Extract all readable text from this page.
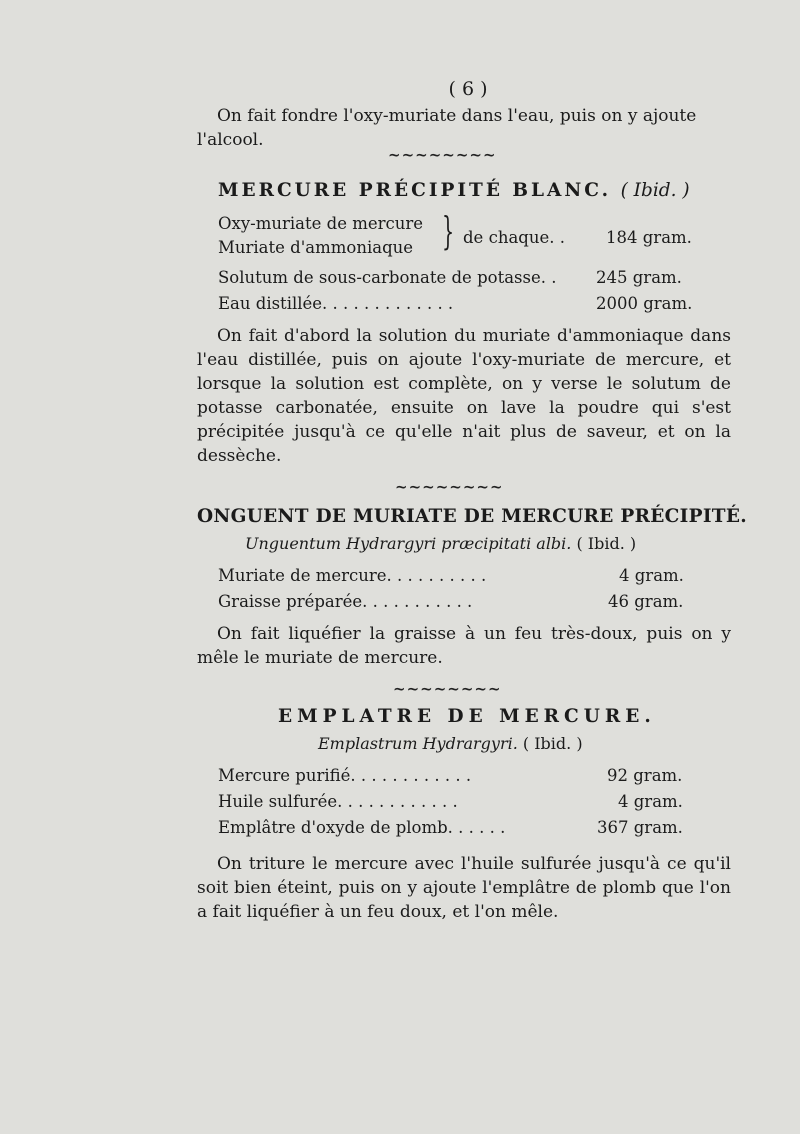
( 6 )
On fait fondre l'oxy-muriate dans l'eau, puis on y ajoute
l'alcool.
~~~~~~~~
MERCURE PRÉCIPITÉ BLANC. ( Ibid. )
Oxy-muriate de mercure
Muriate d'ammoniaque } de chaque. . 184 gram.
Solutum de sous-carbonate de potasse. . 245 gram.
Eau distillée. . . . . . . . . . . . .	2000 gram.
On fait d'abord la solution du muriate d'ammoniaque dans l'eau distillée, puis on ajoute l'oxy-muriate de mercure, et lorsque la solution est complète, on y verse le solutum de potasse carbonatée, ensuite on lave la poudre qui s'est précipitée jusqu'à ce qu'elle n'ait plus de saveur, et on la dessèche.
~~~~~~~~
ONGUENT DE MURIATE DE MERCURE PRÉCIPITÉ.
Unguentum Hydrargyri præcipitati albi. ( Ibid. )
Muriate de mercure. . . . . . . . . .	4 gram.
Graisse préparée. . . . . . . . . . .	46 gram.
On fait liquéfier la graisse à un feu très-doux, puis on y mêle le muriate de mercure.
~~~~~~~~
EMPLATRE DE MERCURE.
Emplastrum Hydrargyri. ( Ibid. )
Mercure purifié. . . . . . . . . . . .	92 gram.
Huile sulfurée. . . . . . . . . . . .	4 gram.
Emplâtre d'oxyde de plomb. . . . . .	367 gram.
On triture le mercure avec l'huile sulfurée jusqu'à ce qu'il soit bien éteint, puis on y ajoute l'emplâtre de plomb que l'on a fait liquéfier à un feu doux, et l'on mêle.
